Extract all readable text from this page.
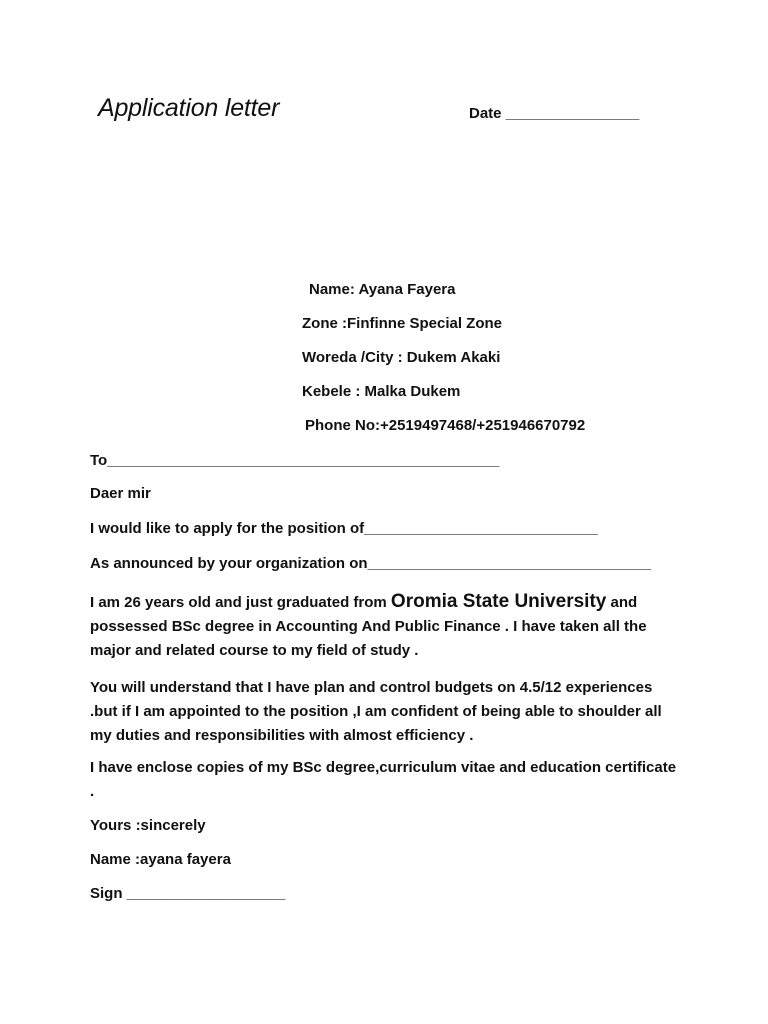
Application letter	Date ________________
Name: Ayana Fayera
Zone :Finfinne Special Zone
Woreda /City : Dukem Akaki
Kebele : Malka Dukem
Phone No:+2519497468/+251946670792
To_______________________________________________
Daer mir
I would like to apply for the position of____________________________
As announced by your organization on__________________________________
I am 26 years old and just graduated from Oromia State University and possessed BSc degree in Accounting And Public Finance . I have taken all the major and related course to my field of study .
You will understand that I have plan and control budgets on 4.5/12 experiences .but if I am appointed to the position ,I am confident of being able to shoulder all my duties and responsibilities with almost efficiency .
I have enclose copies of my BSc degree,curriculum vitae and education certificate .
Yours :sincerely
Name :ayana fayera
Sign ___________________
